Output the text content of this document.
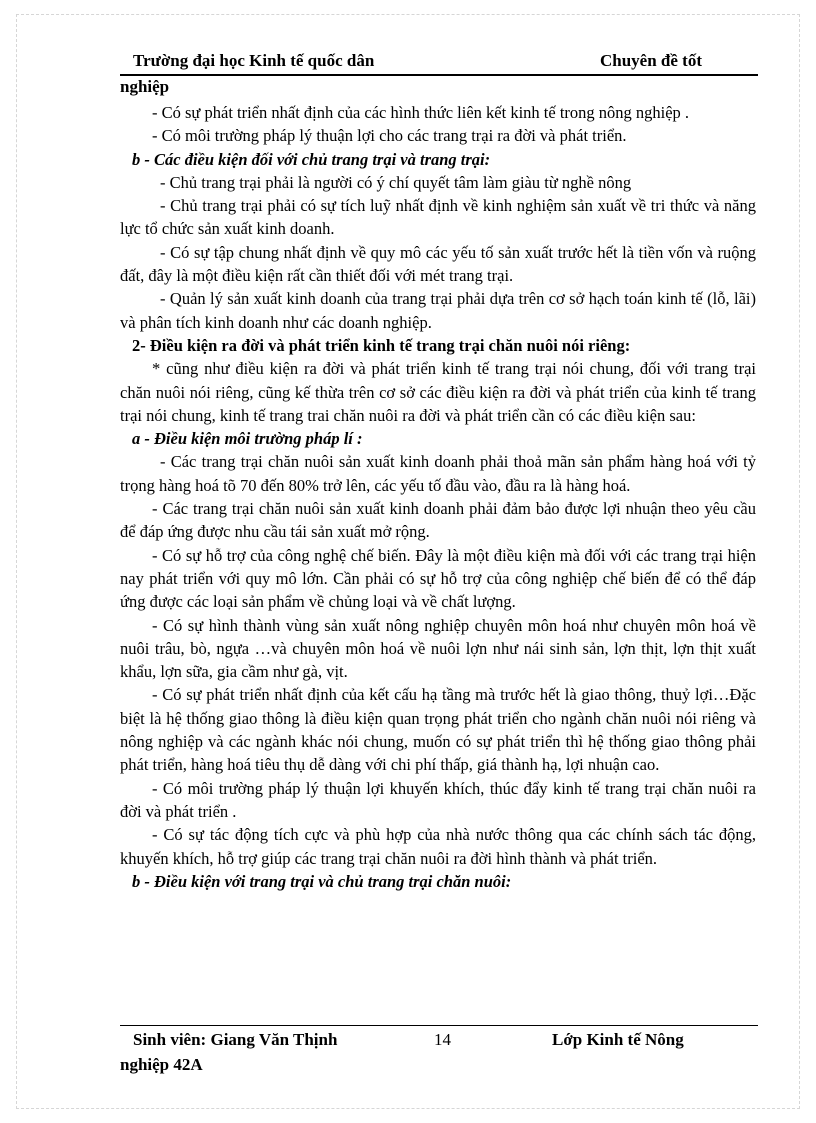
Trường đại học Kinh tế quốc dân	Chuyên đề tốt
nghiệp

- Có sự phát triển nhất định của các hình thức liên kết kinh tế trong nông nghiệp .

- Có môi trường pháp lý thuận lợi cho các trang trại ra đời và phát triển.

b - Các điều kiện đối với chủ trang trại và trang trại:

- Chủ trang trại phải là người có ý chí quyết tâm làm giàu từ nghề nông

- Chủ trang trại phải có sự tích luỹ nhất định về kinh nghiệm sản xuất về tri thức và năng lực tổ chức sản xuất kinh doanh.

- Có sự tập chung nhất định về quy mô các yếu tố sản xuất trước hết là tiền vốn và ruộng đất, đây là một điều kiện rất cần thiết đối với mét trang trại.

- Quản lý sản xuất kinh doanh của trang trại phải dựa trên cơ sở hạch toán kinh tế (lỗ, lãi) và phân tích kinh doanh như các doanh nghiệp.

2- Điều kiện ra đời và phát triển kinh tế trang trại chăn nuôi nói riêng:

* cũng như điều kiện ra đời và phát triển kinh tế trang trại nói chung, đối với trang trại chăn nuôi nói riêng, cũng kế thừa trên cơ sở các điều kiện ra đời và phát triển của kinh tế trang trại nói chung, kinh tế trang trai chăn nuôi ra đời và phát triển cần có các điều kiện sau:

a - Điều kiện môi trường pháp lí :

- Các trang trại chăn nuôi sản xuất kinh doanh phải thoả mãn sản phẩm hàng hoá với tỷ trọng hàng hoá tõ 70 đến 80% trở lên, các yếu tố đầu vào, đầu ra là hàng hoá.

- Các trang trại chăn nuôi sản xuất kinh doanh phải đảm bảo được lợi nhuận theo yêu cầu để đáp ứng được nhu cầu tái sản xuất mở rộng.

- Có sự hỗ trợ của công nghệ chế biến. Đây là một điều kiện mà đối với các trang trại hiện nay phát triển với quy mô lớn. Cần phải có sự hỗ trợ của công nghiệp chế biến để có thể đáp ứng được các loại sản phẩm về chủng loại và về chất lượng.

- Có sự hình thành vùng sản xuất nông nghiệp chuyên môn hoá như chuyên môn hoá về nuôi trâu, bò, ngựa …và chuyên môn hoá về nuôi lợn như nái sinh sản, lợn thịt, lợn thịt xuất khẩu, lợn sữa, gia cầm như gà, vịt.

- Có sự phát triển nhất định của kết cấu hạ tầng mà trước hết là giao thông, thuỷ lợi…Đặc biệt là hệ thống giao thông là điều kiện quan trọng phát triển cho ngành chăn nuôi nói riêng và nông nghiệp và các ngành khác nói chung, muốn có sự phát triển thì hệ thống giao thông phải phát triển, hàng hoá tiêu thụ dễ dàng với chi phí thấp, giá thành hạ, lợi nhuận cao.

- Có môi trường pháp lý thuận lợi khuyến khích, thúc đẩy kinh tế trang trại chăn nuôi ra đời và phát triển .

- Có sự tác động tích cực và phù hợp của nhà nước thông qua các chính sách tác động, khuyến khích, hỗ trợ giúp các trang trại chăn nuôi ra đời hình thành và phát triển.

b - Điều kiện với trang trại và chủ trang trại chăn nuôi:

Sinh viên: Giang Văn Thịnh	14	Lớp Kinh tế Nông
nghiệp 42A
